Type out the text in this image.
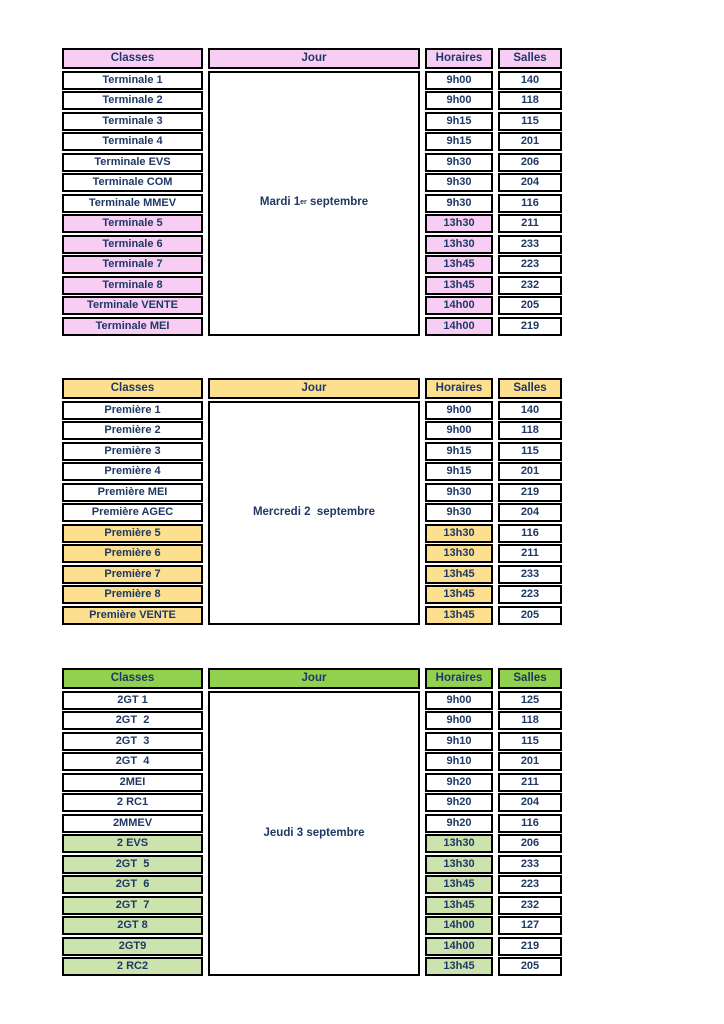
Classes
Terminale 1
Terminale 2
Terminale 3
Terminale 4
Terminale EVS
Terminale COM
Terminale MMEV
Terminale 5
Terminale 6
Terminale 7
Terminale 8
Terminale VENTE
Terminale MEI
Jour
Mardi 1 er septembre
Horaires
9h00
9h00
9h15
9h15
9h30
9h30
9h30
13h30
13h30
13h45
13h45
14h00
14h00
Salles
140
118
115
201
206
204
116
211
233
223
232
205
219
Classes
Première 1
Première 2
Première 3
Première 4
Première MEI
Première AGEC
Première 5
Première 6
Première 7
Première 8
Première VENTE
Jour
Mercredi 2  septembre
Horaires
9h00
9h00
9h15
9h15
9h30
9h30
13h30
13h30
13h45
13h45
13h45
Salles
140
118
115
201
219
204
116
211
233
223
205
Classes
2GT 1
2GT  2
2GT  3
2GT  4
2MEI
2 RC1
2MMEV
2 EVS
2GT  5
2GT  6
2GT  7
2GT 8
2GT9
2 RC2
Jour
Jeudi 3 septembre
Horaires
9h00
9h00
9h10
9h10
9h20
9h20
9h20
13h30
13h30
13h45
13h45
14h00
14h00
13h45
Salles
125
118
115
201
211
204
116
206
233
223
232
127
219
205
